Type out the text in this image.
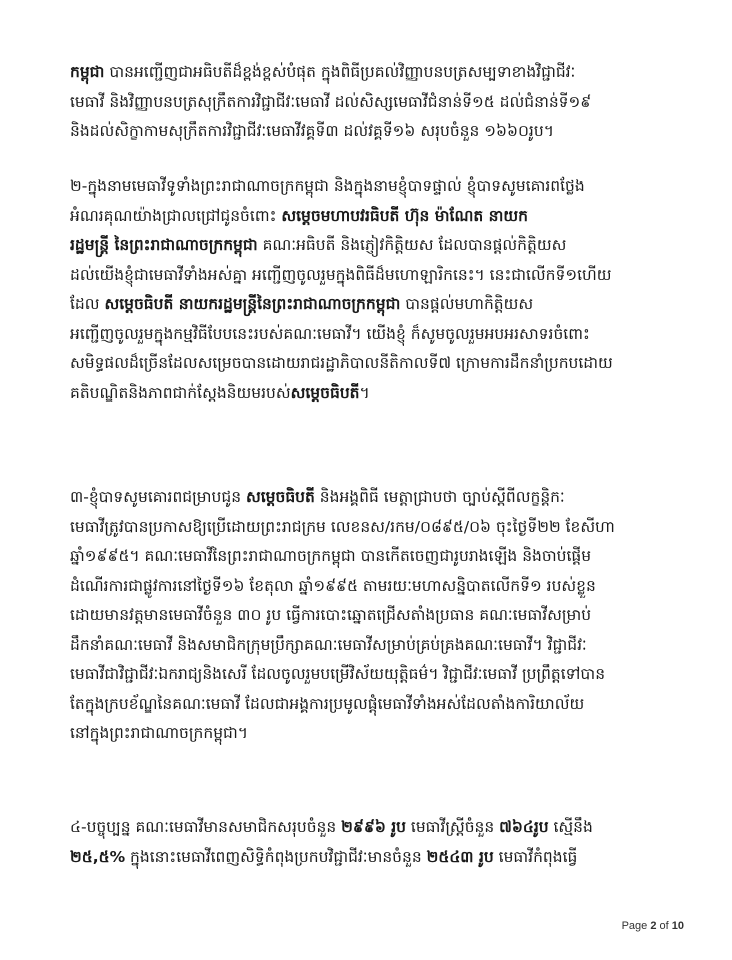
កម្ពុជា បានអញ្ជើញជាអធិបតីដ៏ខ្ពង់ខ្ពស់បំផុត ក្នុងពិធីប្រគល់វិញ្ញាបនបត្រសម្បទាខាងវិជ្ជាជីវៈ
មេធាវី និងវិញ្ញាបនបត្រសុក្រឹតការវិជ្ជាជីវៈមេធាវី ដល់សិស្សមេធាវីជំនាន់ទី១៥ ដល់ជំនាន់ទី១៩
និងដល់សិក្ខាកាមសុក្រឹតការវិជ្ជាជីវៈមេធាវីវគ្គទី៣ ដល់វគ្គទី១៦ សរុបចំនួន ១៦៦០រូប។
២-ក្នុងនាមមេធាវីទូទាំងព្រះរាជាណាចក្រកម្ពុជា និងក្នុងនាមខ្ញុំបាទផ្ទាល់ ខ្ញុំបាទសូមគោរពថ្លែង
អំណរគុណយ៉ាងជ្រាលជ្រៅជូនចំពោះ សម្ដេចមហាបវរធិបតី ហ៊ុន ម៉ាណែត នាយក
រដ្ឋមន្ត្រី នៃព្រះរាជាណាចក្រកម្ពុជា គណៈអធិបតី និងភ្ញៀវកិត្តិយស ដែលបានផ្ដល់កិត្តិយស
ដល់យើងខ្ញុំជាមេធាវីទាំងអស់គ្នា អញ្ជើញចូលរួមក្នុងពិធីដ៏មហោឡារិកនេះ។ នេះជាលើកទី១ហើយ
ដែល សម្ដេចធិបតី នាយករដ្ឋមន្ត្រីនៃព្រះរាជាណាចក្រកម្ពុជា បានផ្ដល់មហាកិត្តិយស
អញ្ជើញចូលរួមក្នុងកម្មវិធីបែបនេះរបស់គណៈមេធាវី។ យើងខ្ញុំ ក៏សូមចូលរួមអបអរសាទរចំពោះ
សមិទ្ធផលដ៏ច្រើនដែលសម្រេចបានដោយរាជរដ្ឋាភិបាលនីតិកាលទី៧ ក្រោមការដឹកនាំប្រកបដោយ
គតិបណ្ឌិតនិងភាពជាក់ស្ដែងនិយមរបស់សម្ដេចធិបតី។
៣-ខ្ញុំបាទសូមគោរពជម្រាបជូន សម្ដេចធិបតី និងអង្គពិធី មេត្តាជ្រាបថា ច្បាប់ស្ដីពីលក្ខន្តិកៈ
មេធាវីត្រូវបានប្រកាសឱ្យប្រើដោយព្រះរាជក្រម លេខនស/រកម/០៨៩៥/០៦ ចុះថ្ងៃទី២២ ខែសីហា
ឆ្នាំ១៩៩៥។ គណៈមេធាវីនៃព្រះរាជាណាចក្រកម្ពុជា បានកើតចេញជារូបរាងឡើង និងចាប់ផ្ដើម
ដំណើរការជាផ្លូវការនៅថ្ងៃទី១៦ ខែតុលា ឆ្នាំ១៩៩៥ តាមរយៈមហាសន្និបាតលើកទី១ របស់ខ្លួន
ដោយមានវត្តមានមេធាវីចំនួន ៣០ រូប ធ្វើការបោះឆ្នោតជ្រើសតាំងប្រធាន គណៈមេធាវីសម្រាប់
ដឹកនាំគណៈមេធាវី និងសមាជិកក្រុមប្រឹក្សាគណៈមេធាវីសម្រាប់គ្រប់គ្រងគណៈមេធាវី។ វិជ្ជាជីវៈ
មេធាវីជាវិជ្ជាជីវៈឯករាជ្យនិងសេរី ដែលចូលរួមបម្រើវិស័យយុត្តិធម៌។ វិជ្ជាជីវៈមេធាវី ប្រព្រឹត្តទៅបាន
តែក្នុងក្របខ័ណ្ឌនៃគណៈមេធាវី ដែលជាអង្គការប្រមូលផ្ដុំមេធាវីទាំងអស់ដែលតាំងការិយាល័យ
នៅក្នុងព្រះរាជាណាចក្រកម្ពុជា។
៤-បច្ចុប្បន្ន គណៈមេធាវីមានសមាជិកសរុបចំនួន ២៩៩៦ រូប មេធាវីស្ត្រីចំនួន ៧៦៤រូប ស្មើនឹង
២៥,៥% ក្នុងនោះមេធាវីពេញសិទ្ធិកំពុងប្រកបវិជ្ជាជីវៈមានចំនួន ២៥៤៣ រូប មេធាវីកំពុងធ្វើ
Page 2 of 10
